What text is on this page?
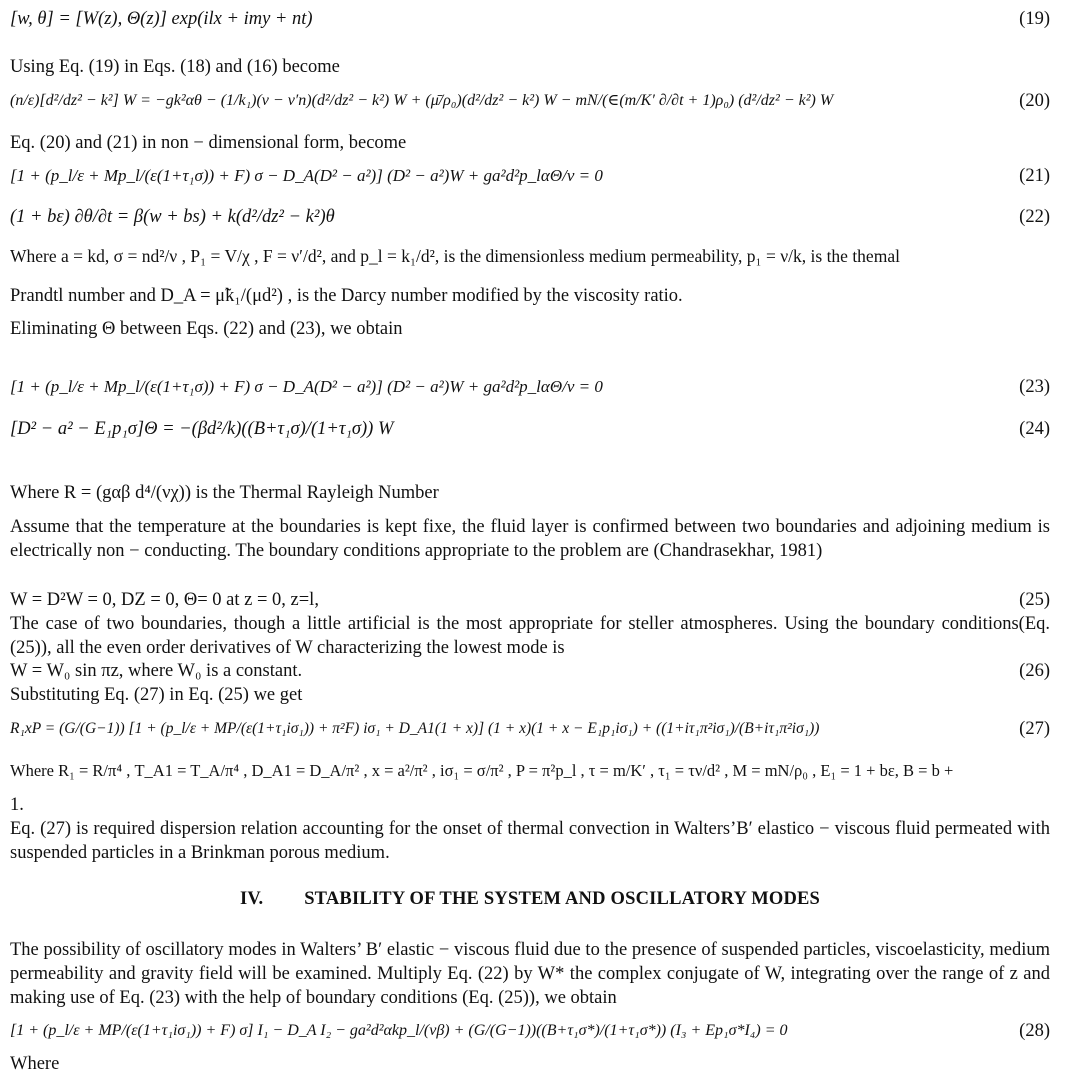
[w, θ] = [W(z), Θ(z)] exp(ilx + imy + nt)	(19)
Using Eq. (19) in Eqs. (18) and (16) become
(n/ε)[d²/dz² − k²] W = −gk²αθ − (1/k₁)(ν − ν′n)(d²/dz² − k²) W + (μ̄/ρ₀)(d²/dz² − k²) W − mN/(∈(m/K′ ∂/∂t + 1)ρ₀) (d²/dz² − k²) W	(20)
Eq. (20) and (21) in non − dimensional form, become
[1 + (p_l/ε + Mp_l/(ε(1+τ₁σ)) + F) σ − D_A(D² − a²)] (D² − a²)W + ga²d²p_lαΘ/ν = 0	(21)
(1 + bε) ∂θ/∂t = β(w + bs) + k(d²/dz² − k²)θ	(22)
Where a = kd, σ = nd²/ν , P₁ = V/χ , F = ν′/d², and p_l = k₁/d², is the dimensionless medium permeability, p₁ = ν/k, is the themal
Prandtl number and D_A = μ̃k₁/(μd²) , is the Darcy number modified by the viscosity ratio.
Eliminating Θ between Eqs. (22) and (23), we obtain
[1 + (p_l/ε + Mp_l/(ε(1+τ₁σ)) + F) σ − D_A(D² − a²)] (D² − a²)W + ga²d²p_lαΘ/ν = 0	(23)
[D² − a² − E₁p₁σ]Θ = −(βd²/k)((B+τ₁σ)/(1+τ₁σ)) W	(24)
Where R = (gαβ d⁴/(νχ)) is the Thermal Rayleigh Number
Assume that the temperature at the boundaries is kept fixe, the fluid layer is confirmed between two boundaries and adjoining medium is electrically non − conducting. The boundary conditions appropriate to the problem are (Chandrasekhar, 1981)
W = D²W = 0, DZ = 0, Θ= 0 at z = 0, z=l,	(25)
The case of two boundaries, though a little artificial is the most appropriate for steller atmospheres. Using the boundary conditions(Eq. (25)), all the even order derivatives of W characterizing the lowest mode is
W = W₀ sin πz, where W₀ is a constant.	(26)
Substituting Eq. (27) in Eq. (25) we get
R₁xP = (G/(G−1)) [1 + (p_l/ε + MP/(ε(1+τ₁iσ₁)) + π²F) iσ₁ + D_A1(1 + x)] (1 + x)(1 + x − E₁p₁iσ₁) + ((1+iτ₁π²iσ₁)/(B+iτ₁π²iσ₁))	(27)
Where R₁ = R/π⁴ , T_A1 = T_A/π⁴ , D_A1 = D_A/π² , x = a²/π² , iσ₁ = σ/π² , P = π²p_l , τ = m/K′ , τ₁ = τν/d² , M = mN/ρ₀ , E₁ = 1 + bε, B = b +
1.
Eq. (27) is required dispersion relation accounting for the onset of thermal convection in Walters’B′ elastico − viscous fluid permeated with suspended particles in a Brinkman porous medium.
IV. STABILITY OF THE SYSTEM AND OSCILLATORY MODES
The possibility of oscillatory modes in Walters’ B′ elastic − viscous fluid due to the presence of suspended particles, viscoelasticity, medium permeability and gravity field will be examined. Multiply Eq. (22) by W* the complex conjugate of W, integrating over the range of z and making use of Eq. (23) with the help of boundary conditions (Eq. (25)), we obtain
[1 + (p_l/ε + MP/(ε(1+τ₁iσ₁)) + F) σ] I₁ − D_A I₂ − ga²d²αkp_l/(νβ) + (G/(G−1))((B+τ₁σ*)/(1+τ₁σ*)) (I₃ + Ep₁σ*I₄) = 0	(28)
Where
